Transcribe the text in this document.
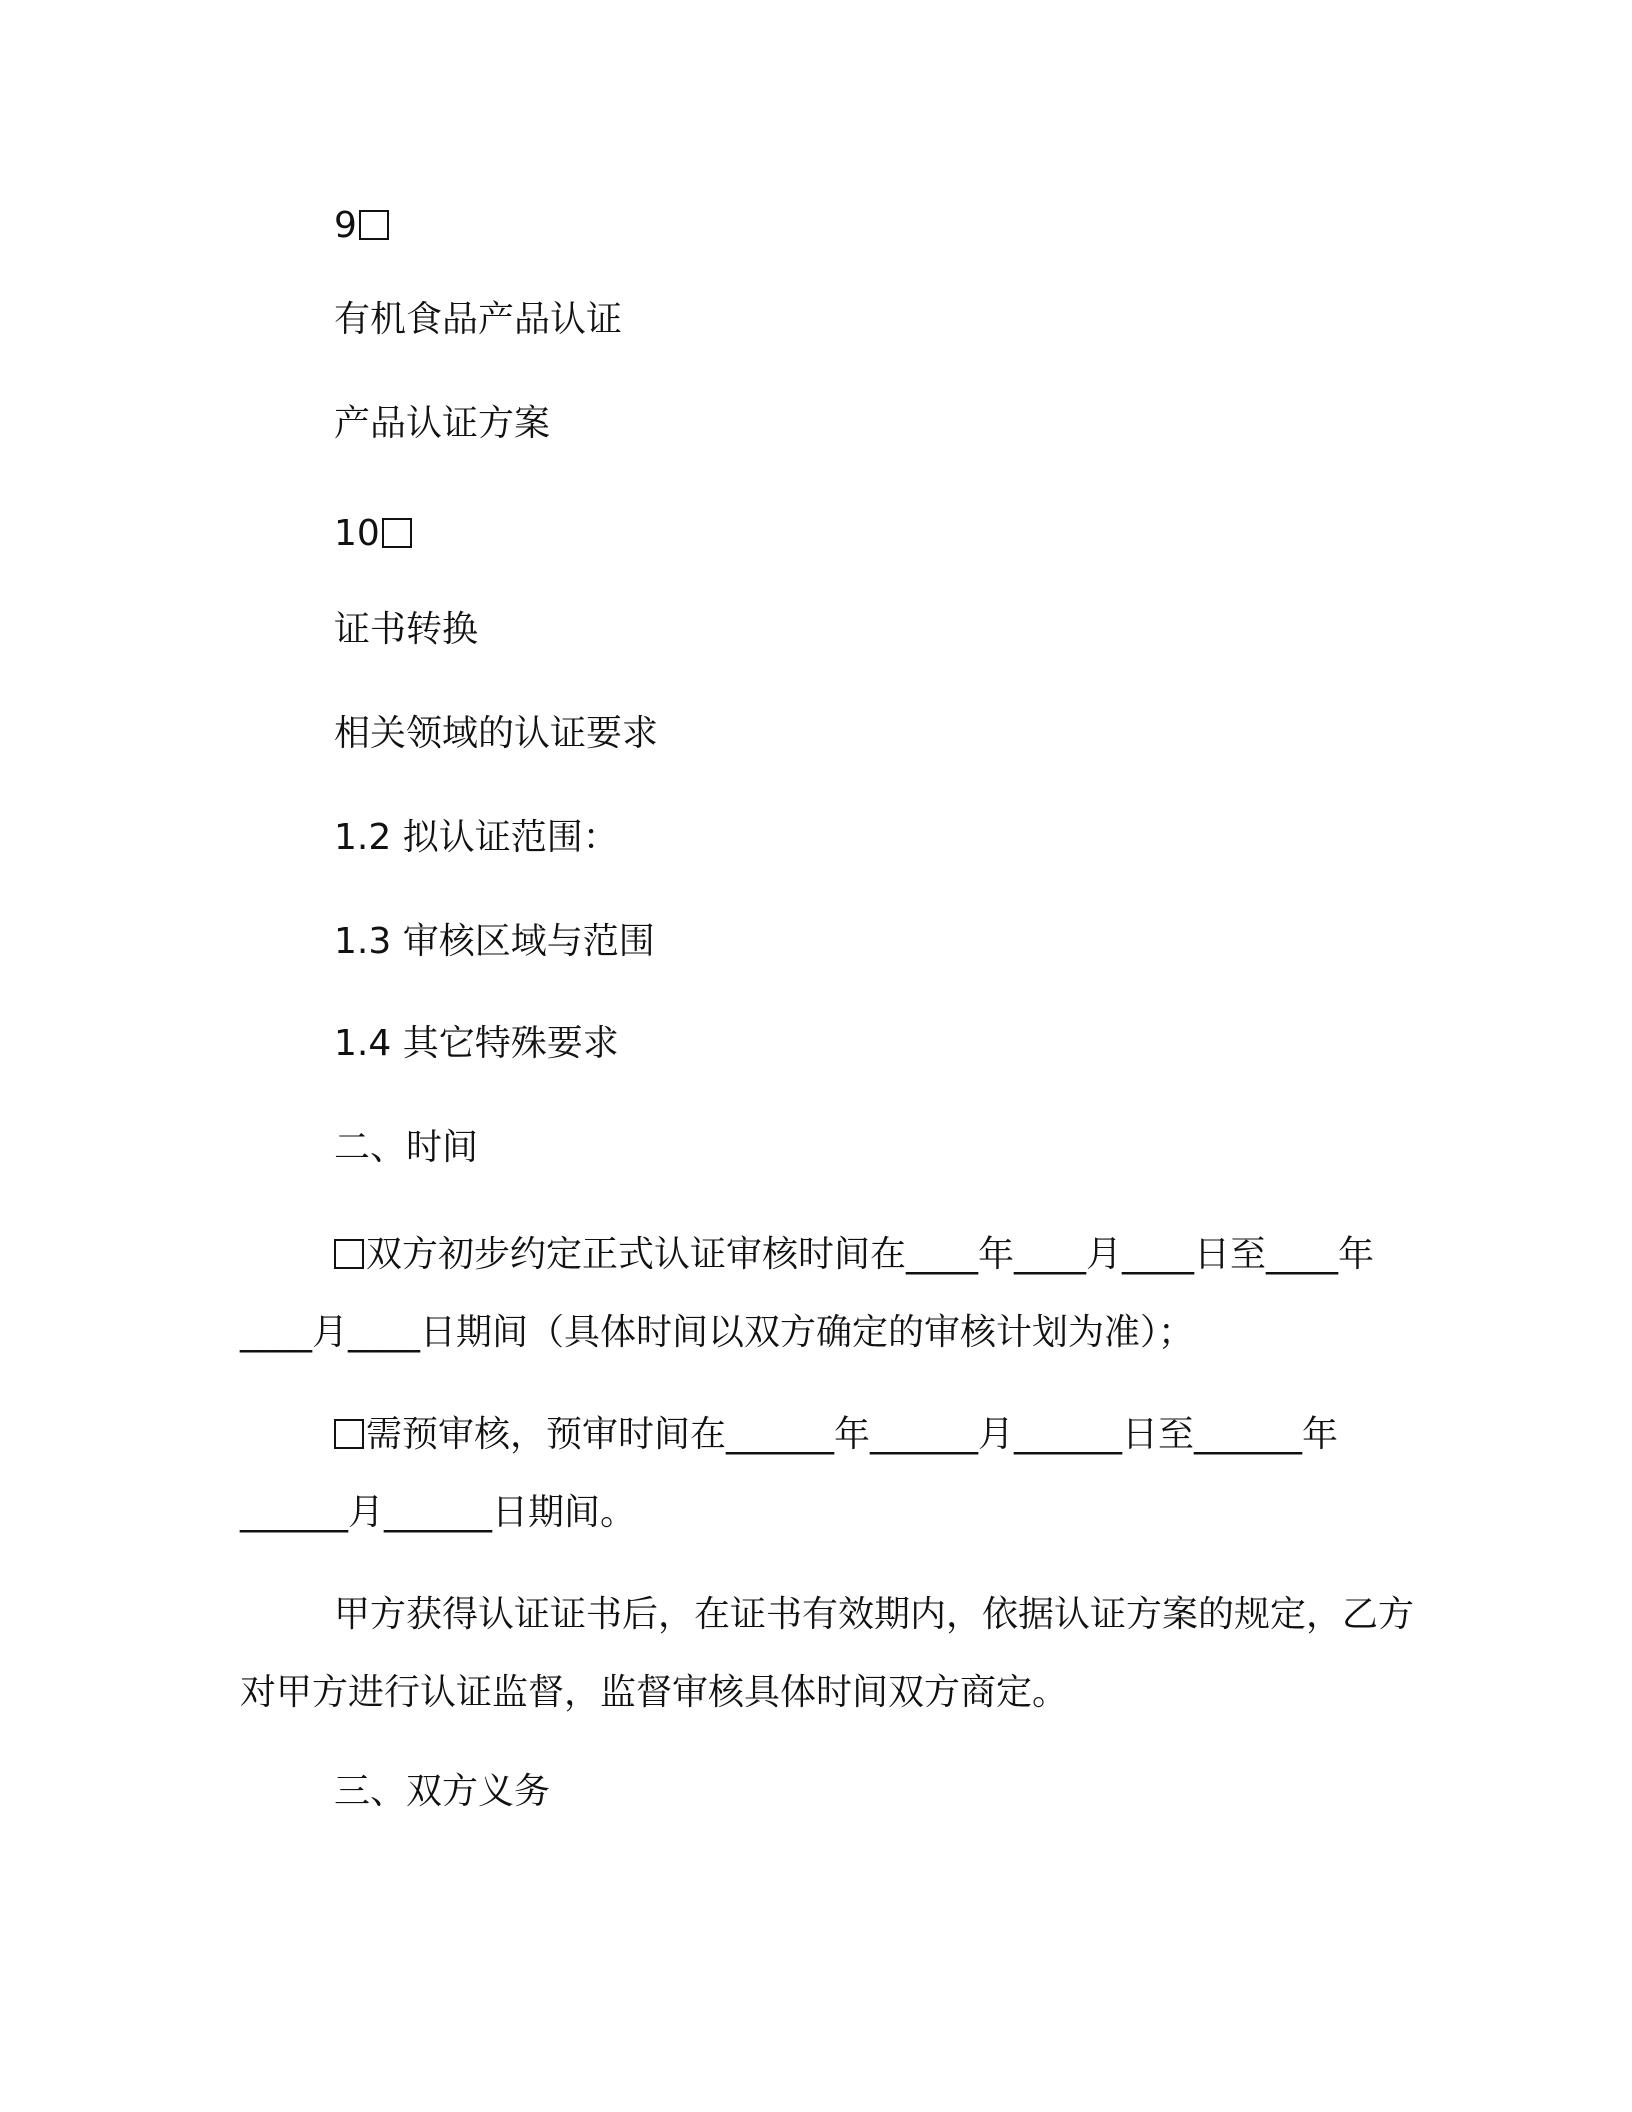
9
有机食品产品认证
产品认证方案
10
证书转换
相关领域的认证要求
1.2 拟认证范围：
1.3 审核区域与范围
1.4 其它特殊要求
二、时间
双方初步约定正式认证审核时间在____年____月____日至____年____月____日期间（具体时间以双方确定的审核计划为准）；
需预审核，预审时间在______年______月______日至______年______月______日期间。
甲方获得认证证书后，在证书有效期内，依据认证方案的规定，乙方对甲方进行认证监督，监督审核具体时间双方商定。
三、双方义务
